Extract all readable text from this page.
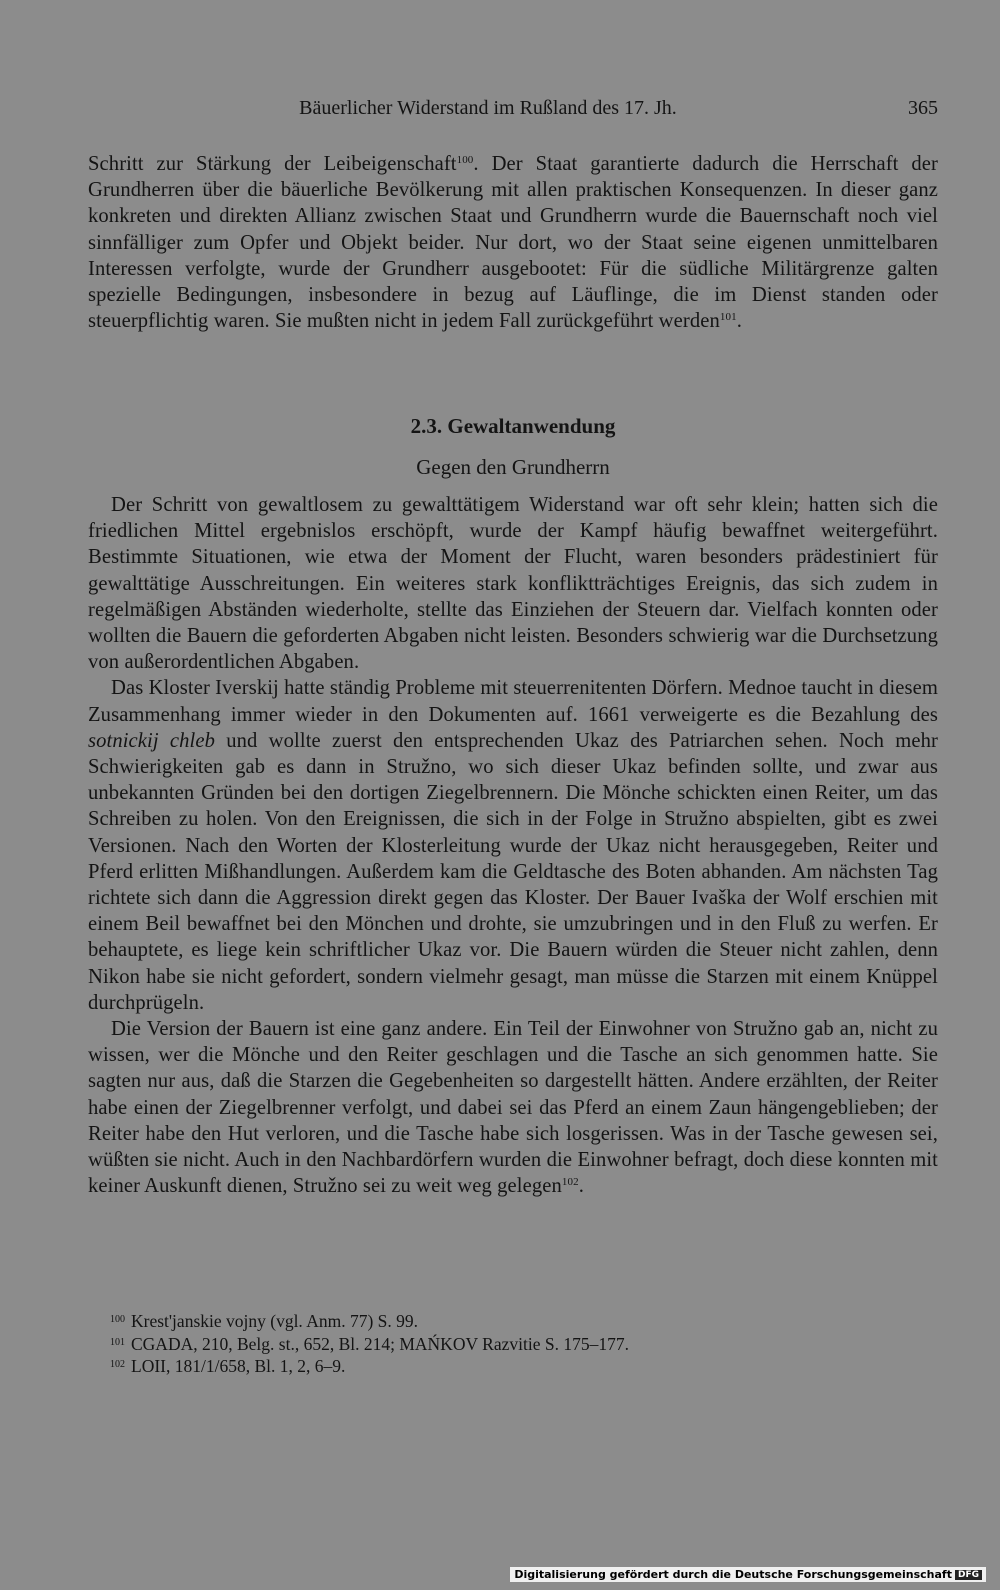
Bäuerlicher Widerstand im Rußland des 17. Jh.	365

Schritt zur Stärkung der Leibeigenschaft$^{100}$. Der Staat garantierte dadurch die Herrschaft der Grundherren über die bäuerliche Bevölkerung mit allen praktischen Konsequenzen. In dieser ganz konkreten und direkten Allianz zwischen Staat und Grundherrn wurde die Bauernschaft noch viel sinnfälliger zum Opfer und Objekt beider. Nur dort, wo der Staat seine eigenen unmittelbaren Interessen verfolgte, wurde der Grundherr ausgebootet: Für die südliche Militärgrenze galten spezielle Bedingungen, insbesondere in bezug auf Läuflinge, die im Dienst standen oder steuerpflichtig waren. Sie mußten nicht in jedem Fall zurückgeführt werden$^{101}$.

2.3. Gewaltanwendung
Gegen den Grundherrn

Der Schritt von gewaltlosem zu gewalttätigem Widerstand war oft sehr klein; hatten sich die friedlichen Mittel ergebnislos erschöpft, wurde der Kampf häufig bewaffnet weitergeführt. Bestimmte Situationen, wie etwa der Moment der Flucht, waren besonders prädestiniert für gewalttätige Ausschreitungen. Ein weiteres stark konfliktträchtiges Ereignis, das sich zudem in regelmäßigen Abständen wiederholte, stellte das Einziehen der Steuern dar. Vielfach konnten oder wollten die Bauern die geforderten Abgaben nicht leisten. Besonders schwierig war die Durchsetzung von außerordentlichen Abgaben.

Das Kloster Iverskij hatte ständig Probleme mit steuerrenitenten Dörfern. Mednoe taucht in diesem Zusammenhang immer wieder in den Dokumenten auf. 1661 verweigerte es die Bezahlung des sotnickij chleb und wollte zuerst den entsprechenden Ukaz des Patriarchen sehen. Noch mehr Schwierigkeiten gab es dann in Stružno, wo sich dieser Ukaz befinden sollte, und zwar aus unbekannten Gründen bei den dortigen Ziegelbrennern. Die Mönche schickten einen Reiter, um das Schreiben zu holen. Von den Ereignissen, die sich in der Folge in Stružno abspielten, gibt es zwei Versionen. Nach den Worten der Klosterleitung wurde der Ukaz nicht herausgegeben, Reiter und Pferd erlitten Mißhandlungen. Außerdem kam die Geldtasche des Boten abhanden. Am nächsten Tag richtete sich dann die Aggression direkt gegen das Kloster. Der Bauer Ivaška der Wolf erschien mit einem Beil bewaffnet bei den Mönchen und drohte, sie umzubringen und in den Fluß zu werfen. Er behauptete, es liege kein schriftlicher Ukaz vor. Die Bauern würden die Steuer nicht zahlen, denn Nikon habe sie nicht gefordert, sondern vielmehr gesagt, man müsse die Starzen mit einem Knüppel durchprügeln.

Die Version der Bauern ist eine ganz andere. Ein Teil der Einwohner von Stružno gab an, nicht zu wissen, wer die Mönche und den Reiter geschlagen und die Tasche an sich genommen hatte. Sie sagten nur aus, daß die Starzen die Gegebenheiten so dargestellt hätten. Andere erzählten, der Reiter habe einen der Ziegelbrenner verfolgt, und dabei sei das Pferd an einem Zaun hängengeblieben; der Reiter habe den Hut verloren, und die Tasche habe sich losgerissen. Was in der Tasche gewesen sei, wüßten sie nicht. Auch in den Nachbardörfern wurden die Einwohner befragt, doch diese konnten mit keiner Auskunft dienen, Stružno sei zu weit weg gelegen$^{102}$.

$^{100}$ Krest'janskie vojny (vgl. Anm. 77) S. 99.

$^{101}$ CGADA, 210, Belg. st., 652, Bl. 214; MAŃKOV Razvitie S. 175–177.

$^{102}$ LOII, 181/1/658, Bl. 1, 2, 6–9.

Digitalisierung gefördert durch die Deutsche Forschungsgemeinschaft DFG
